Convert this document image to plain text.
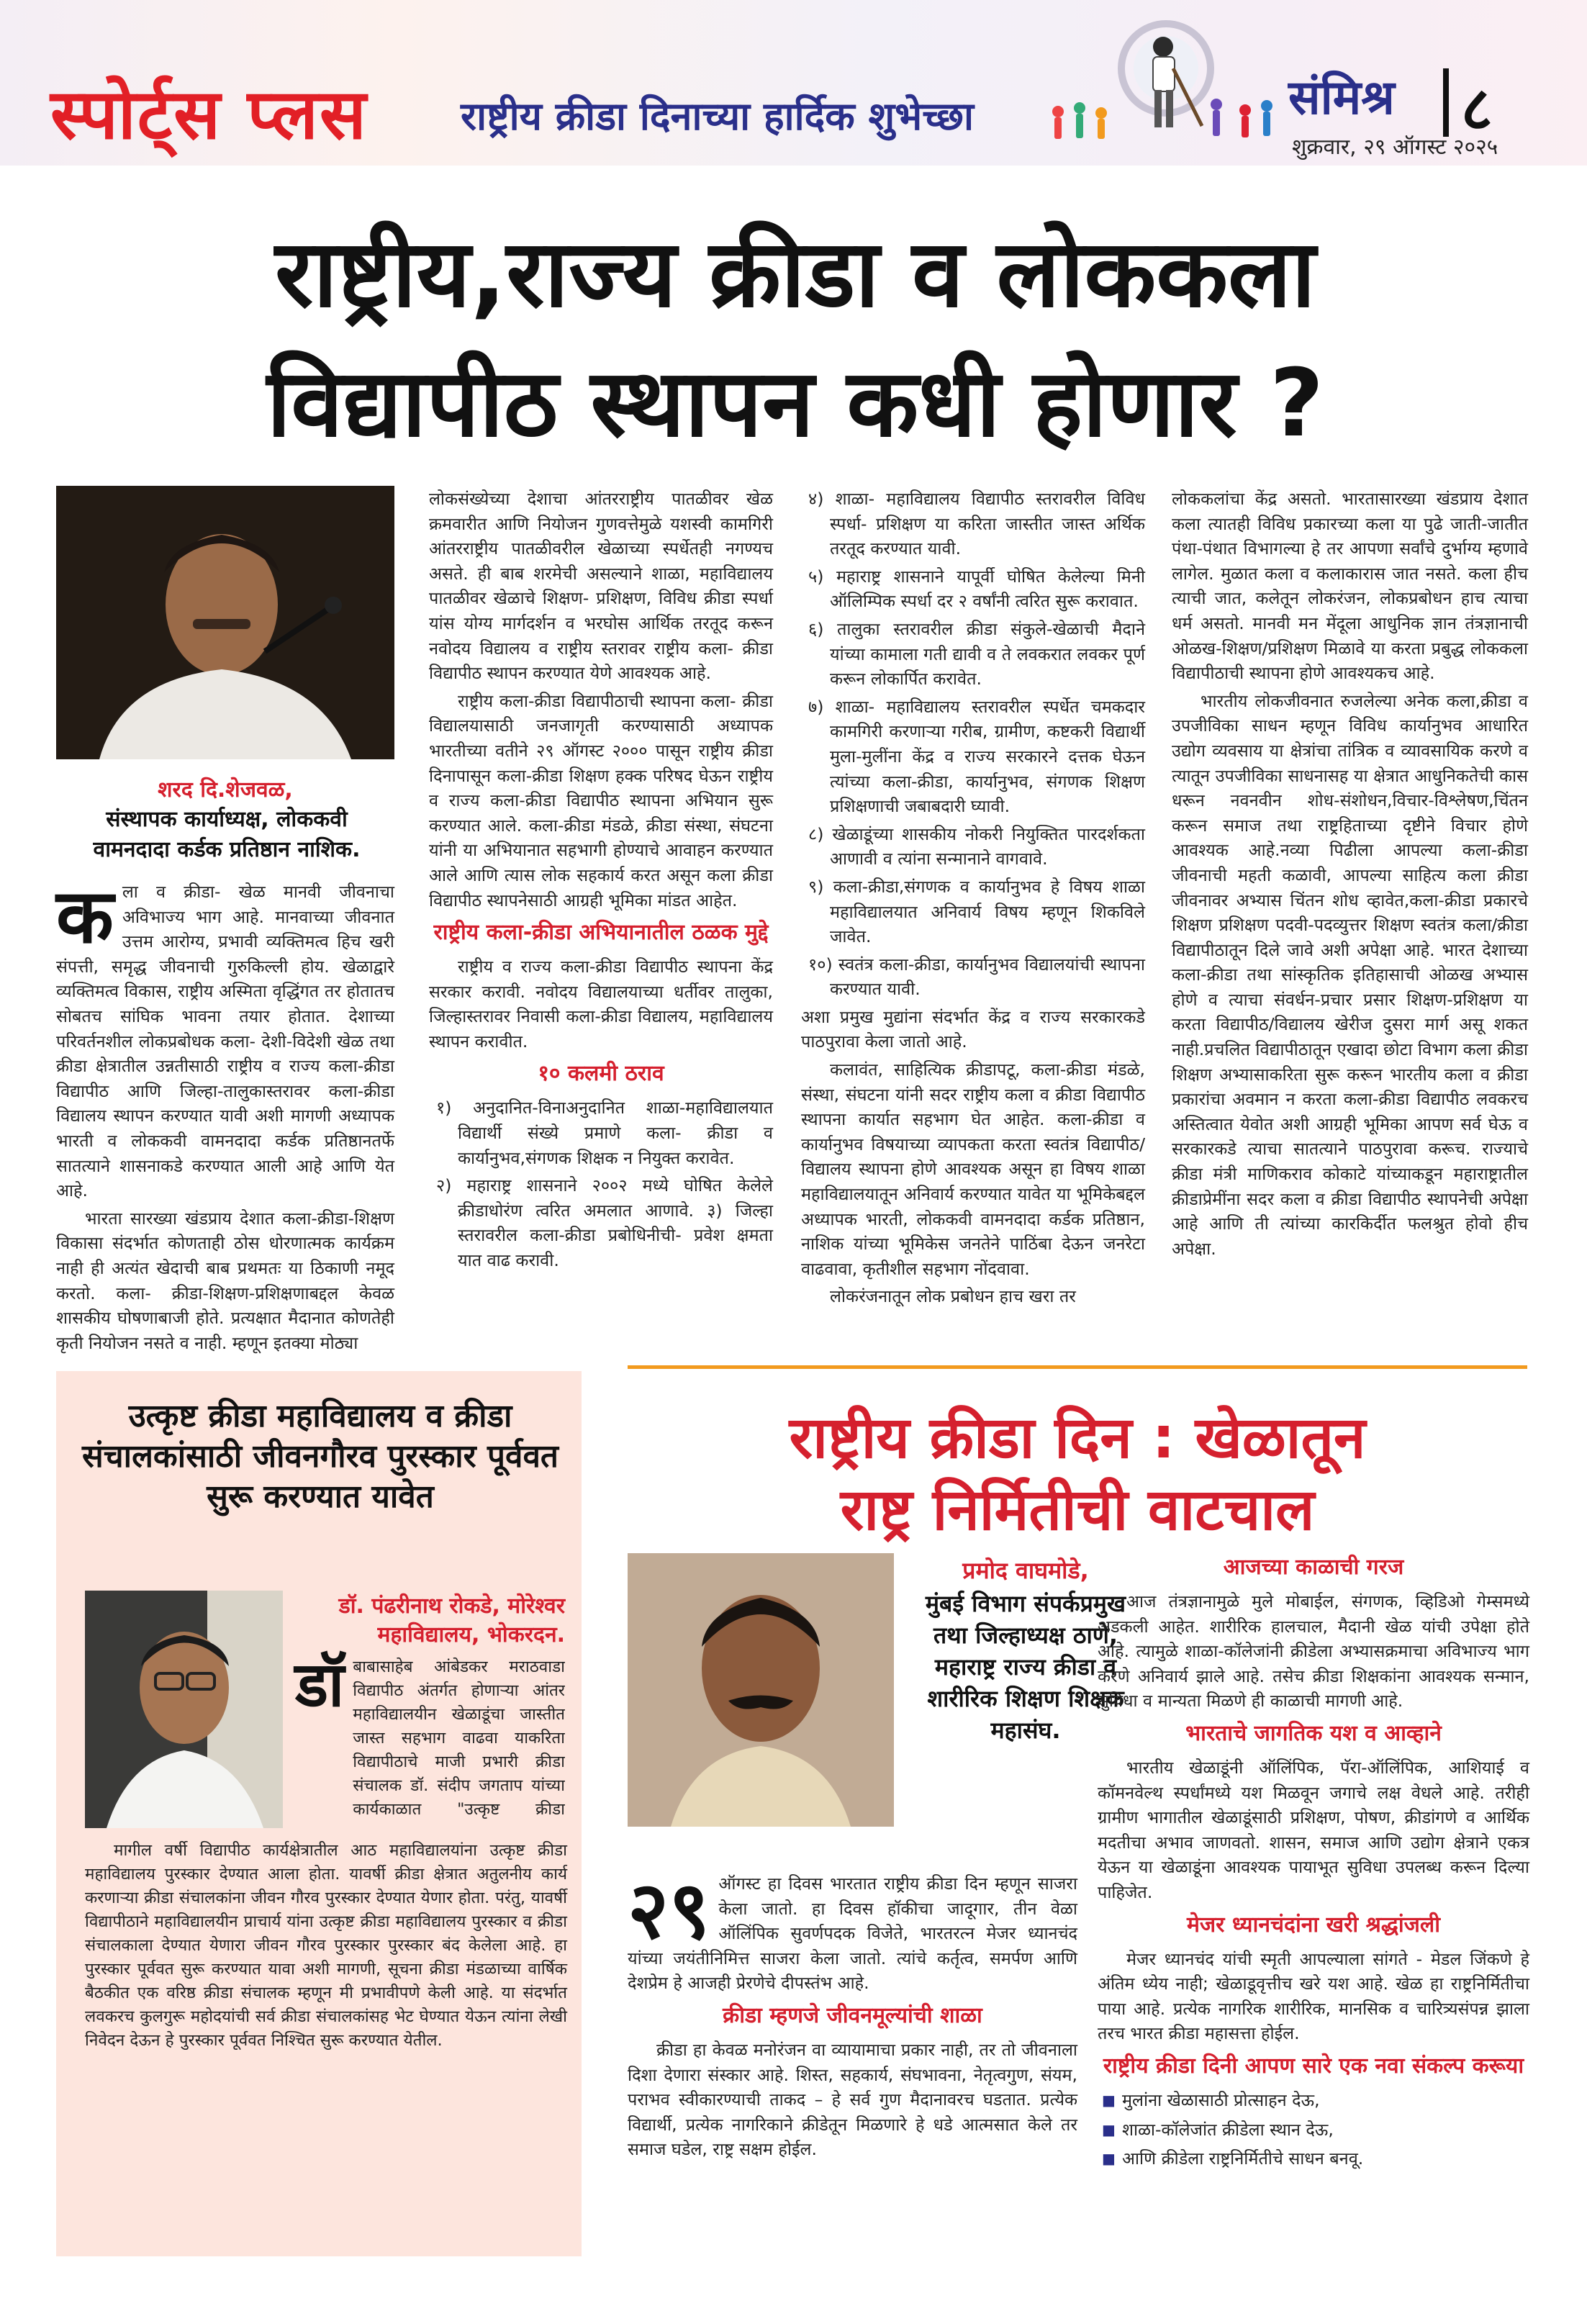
स्पोर्ट्स प्लस राष्ट्रीय क्रीडा दिनाच्या हार्दिक शुभेच्छा	संमिश्र ८
शुक्रवार, २९ ऑगस्ट २०२५
राष्ट्रीय,राज्य क्रीडा व लोककला
विद्यापीठ स्थापन कधी होणार ?
शरद दि.शेजवळ,
संस्थापक कार्याध्यक्ष, लोककवी वामनदादा कर्डक प्रतिष्ठान नाशिक.
क ला व क्रीडा- खेळ मानवी जीवनाचा अविभाज्य भाग आहे. मानवाच्या जीवनात उत्तम आरोग्य, प्रभावी व्यक्तिमत्व हिच खरी संपत्ती, समृद्ध जीवनाची गुरुकिल्ली होय. खेळाद्वारे व्यक्तिमत्व विकास, राष्ट्रीय अस्मिता वृद्धिंगत तर होतातच सोबतच सांघिक भावना तयार होतात. देशाच्या परिवर्तनशील लोकप्रबोधक कला- देशी-विदेशी खेळ तथा क्रीडा क्षेत्रातील उन्नतीसाठी राष्ट्रीय व राज्य कला-क्रीडा विद्यापीठ आणि जिल्हा-तालुकास्तरावर कला-क्रीडा विद्यालय स्थापन करण्यात यावी अशी मागणी अध्यापक भारती व लोककवी वामनदादा कर्डक प्रतिष्ठानतर्फे सातत्याने शासनाकडे करण्यात आली आहे आणि येत आहे.

भारता सारख्या खंडप्राय देशात कला-क्रीडा-शिक्षण विकासा संदर्भात कोणताही ठोस धोरणात्मक कार्यक्रम नाही ही अत्यंत खेदाची बाब प्रथमतः या ठिकाणी नमूद करतो. कला- क्रीडा-शिक्षण-प्रशिक्षणाबद्दल केवळ शासकीय घोषणाबाजी होते. प्रत्यक्षात मैदानात कोणतेही कृती नियोजन नसते व नाही. म्हणून इतक्या मोठ्या

लोकसंख्येच्या देशाचा आंतरराष्ट्रीय पातळीवर खेळ क्रमवारीत आणि नियोजन गुणवत्तेमुळे यशस्वी कामगिरी आंतरराष्ट्रीय पातळीवरील खेळाच्या स्पर्धेतही नगण्यच असते. ही बाब शरमेची असल्याने शाळा, महाविद्यालय पातळीवर खेळाचे शिक्षण- प्रशिक्षण, विविध क्रीडा स्पर्धा यांस योग्य मार्गदर्शन व भरघोस आर्थिक तरतूद करून नवोदय विद्यालय व राष्ट्रीय स्तरावर राष्ट्रीय कला- क्रीडा विद्यापीठ स्थापन करण्यात येणे आवश्यक आहे.

राष्ट्रीय कला-क्रीडा विद्यापीठाची स्थापना कला- क्रीडा विद्यालयासाठी जनजागृती करण्यासाठी अध्यापक भारतीच्या वतीने २९ ऑगस्ट २००० पासून राष्ट्रीय क्रीडा दिनापासून कला-क्रीडा शिक्षण हक्क परिषद घेऊन राष्ट्रीय व राज्य कला-क्रीडा विद्यापीठ स्थापना अभियान सुरू करण्यात आले. कला-क्रीडा मंडळे, क्रीडा संस्था, संघटना यांनी या अभियानात सहभागी होण्याचे आवाहन करण्यात आले आणि त्यास लोक सहकार्य करत असून कला क्रीडा विद्यापीठ स्थापनेसाठी आग्रही भूमिका मांडत आहेत.

राष्ट्रीय कला-क्रीडा अभियानातील ठळक मुद्दे

राष्ट्रीय व राज्य कला-क्रीडा विद्यापीठ स्थापना केंद्र सरकार करावी. नवोदय विद्यालयाच्या धर्तीवर तालुका, जिल्हास्तरावर निवासी कला-क्रीडा विद्यालय, महाविद्यालय स्थापन करावीत.

१० कलमी ठराव
१) अनुदानित-विनाअनुदानित शाळा-महाविद्यालयात विद्यार्थी संख्ये प्रमाणे कला- क्रीडा व कार्यानुभव,संगणक शिक्षक न नियुक्त करावेत.
२) महाराष्ट्र शासनाने २००२ मध्ये घोषित केलेले क्रीडाधोरंण त्वरित अमलात आणावे. ३) जिल्हा स्तरावरील कला-क्रीडा प्रबोधिनीची- प्रवेश क्षमता यात वाढ करावी.
४) शाळा- महाविद्यालय विद्यापीठ स्तरावरील विविध स्पर्धा- प्रशिक्षण या करिता जास्तीत जास्त अर्थिक तरतूद करण्यात यावी.
५) महाराष्ट्र शासनाने यापूर्वी घोषित केलेल्या मिनी ऑलिम्पिक स्पर्धा दर २ वर्षांनी त्वरित सुरू करावात.
६) तालुका स्तरावरील क्रीडा संकुले-खेळाची मैदाने यांच्या कामाला गती द्यावी व ते लवकरात लवकर पूर्ण करून लोकार्पित करावेत.
७) शाळा- महाविद्यालय स्तरावरील स्पर्धेत चमकदार कामगिरी करणाऱ्या गरीब, ग्रामीण, कष्टकरी विद्यार्थी मुला-मुलींना केंद्र व राज्य सरकारने दत्तक घेऊन त्यांच्या कला-क्रीडा, कार्यानुभव, संगणक शिक्षण प्रशिक्षणाची जबाबदारी घ्यावी.
८) खेळाडूंच्या शासकीय नोकरी नियुक्तित पारदर्शकता आणावी व त्यांना सन्मानाने वागवावे.
९) कला-क्रीडा,संगणक व कार्यानुभव हे विषय शाळा महाविद्यालयात अनिवार्य विषय म्हणून शिकविले जावेत.
१०) स्वतंत्र कला-क्रीडा, कार्यानुभव विद्यालयांची स्थापना करण्यात यावी.

अशा प्रमुख मुद्यांना संदर्भात केंद्र व राज्य सरकारकडे पाठपुरावा केला जातो आहे.

कलावंत, साहित्यिक क्रीडापटू, कला-क्रीडा मंडळे, संस्था, संघटना यांनी सदर राष्ट्रीय कला व क्रीडा विद्यापीठ स्थापना कार्यात सहभाग घेत आहेत. कला-क्रीडा व कार्यानुभव विषयाच्या व्यापकता करता स्वतंत्र विद्यापीठ/ विद्यालय स्थापना होणे आवश्यक असून हा विषय शाळा महाविद्यालयातून अनिवार्य करण्यात यावेत या भूमिकेबद्दल अध्यापक भारती, लोककवी वामनदादा कर्डक प्रतिष्ठान, नाशिक यांच्या भूमिकेस जनतेने पाठिंबा देऊन जनरेटा वाढवावा, कृतीशील सहभाग नोंदवावा.

लोकरंजनातून लोक प्रबोधन हाच खरा तर

लोककलांचा केंद्र असतो. भारतासारख्या खंडप्राय देशात कला त्यातही विविध प्रकारच्या कला या पुढे जाती-जातीत पंथा-पंथात विभागल्या हे तर आपणा सर्वांचे दुर्भाग्य म्हणावे लागेल. मुळात कला व कलाकारास जात नसते. कला हीच त्याची जात, कलेतून लोकरंजन, लोकप्रबोधन हाच त्याचा धर्म असतो. मानवी मन मेंदूला आधुनिक ज्ञान तंत्रज्ञानाची ओळख-शिक्षण/प्रशिक्षण मिळावे या करता प्रबुद्ध लोककला विद्यापीठाची स्थापना होणे आवश्यकच आहे.

भारतीय लोकजीवनात रुजलेल्या अनेक कला,क्रीडा व उपजीविका साधन म्हणून विविध कार्यानुभव आधारित उद्योग व्यवसाय या क्षेत्रांचा तांत्रिक व व्यावसायिक करणे व त्यातून उपजीविका साधनासह या क्षेत्रात आधुनिकतेची कास धरून नवनवीन शोध-संशोधन,विचार-विश्लेषण,चिंतन करून समाज तथा राष्ट्रहिताच्या दृष्टीने विचार होणे आवश्यक आहे.नव्या पिढीला आपल्या कला-क्रीडा जीवनाची महती कळावी, आपल्या साहित्य कला क्रीडा जीवनावर अभ्यास चिंतन शोध व्हावेत,कला-क्रीडा प्रकारचे शिक्षण प्रशिक्षण पदवी-पदव्युत्तर शिक्षण स्वतंत्र कला/क्रीडा विद्यापीठातून दिले जावे अशी अपेक्षा आहे. भारत देशाच्या कला-क्रीडा तथा सांस्कृतिक इतिहासाची ओळख अभ्यास होणे व त्याचा संवर्धन-प्रचार प्रसार शिक्षण-प्रशिक्षण या करता विद्यापीठ/विद्यालय खेरीज दुसरा मार्ग असू शकत नाही.प्रचलित विद्यापीठातून एखादा छोटा विभाग कला क्रीडा शिक्षण अभ्यासाकरिता सुरू करून भारतीय कला व क्रीडा प्रकारांचा अवमान न करता कला-क्रीडा विद्यापीठ लवकरच अस्तित्वात येवोत अशी आग्रही भूमिका आपण सर्व घेऊ व सरकारकडे त्याचा सातत्याने पाठपुरावा करूच. राज्याचे क्रीडा मंत्री माणिकराव कोकाटे यांच्याकडून महाराष्ट्रातील क्रीडाप्रेमींना सदर कला व क्रीडा विद्यापीठ स्थापनेची अपेक्षा आहे आणि ती त्यांच्या कारकिर्दीत फलश्रुत होवो हीच अपेक्षा.

उत्कृष्ट क्रीडा महाविद्यालय व क्रीडा संचालकांसाठी जीवनगौरव पुरस्कार पूर्ववत सुरू करण्यात यावेत
डॉ. पंढरीनाथ रोकडे, मोरेश्वर महाविद्यालय, भोकरदन.
डॉ बाबासाहेब आंबेडकर मराठवाडा विद्यापीठ अंतर्गत होणाऱ्या आंतर महाविद्यालयीन खेळाडूंचा जास्तीत जास्त सहभाग वाढवा याकरिता विद्यापीठाचे माजी प्रभारी क्रीडा संचालक डॉ. संदीप जगताप यांच्या कार्यकाळात "उत्कृष्ट क्रीडा

मागील वर्षी विद्यापीठ कार्यक्षेत्रातील आठ महाविद्यालयांना उत्कृष्ट क्रीडा महाविद्यालय पुरस्कार देण्यात आला होता. यावर्षी क्रीडा क्षेत्रात अतुलनीय कार्य करणाऱ्या क्रीडा संचालकांना जीवन गौरव पुरस्कार देण्यात येणार होता. परंतु, यावर्षी विद्यापीठाने महाविद्यालयीन प्राचार्य यांना उत्कृष्ट क्रीडा महाविद्यालय पुरस्कार व क्रीडा संचालकाला देण्यात येणारा जीवन गौरव पुरस्कार पुरस्कार बंद केलेला आहे. हा पुरस्कार पूर्ववत सुरू करण्यात यावा अशी मागणी, सूचना क्रीडा मंडळाच्या वार्षिक बैठकीत एक वरिष्ठ क्रीडा संचालक म्हणून मी प्रभावीपणे केली आहे. या संदर्भात लवकरच कुलगुरू महोदयांची सर्व क्रीडा संचालकांसह भेट घेण्यात येऊन त्यांना लेखी निवेदन देऊन हे पुरस्कार पूर्ववत निश्चित सुरू करण्यात येतील.

राष्ट्रीय क्रीडा दिन : खेळातून
राष्ट्र निर्मितीची वाटचाल
प्रमोद वाघमोडे,
मुंबई विभाग संपर्कप्रमुख तथा जिल्हाध्यक्ष ठाणे, महाराष्ट्र राज्य क्रीडा व शारीरिक शिक्षण शिक्षक महासंघ.
२९ ऑगस्ट हा दिवस भारतात राष्ट्रीय क्रीडा दिन म्हणून साजरा केला जातो. हा दिवस हॉकीचा जादूगार, तीन वेळा ऑलिंपिक सुवर्णपदक विजेते, भारतरत्न मेजर ध्यानचंद यांच्या जयंतीनिमित्त साजरा केला जातो. त्यांचे कर्तृत्व, समर्पण आणि देशप्रेम हे आजही प्रेरणेचे दीपस्तंभ आहे.

क्रीडा म्हणजे जीवनमूल्यांची शाळा

क्रीडा हा केवळ मनोरंजन वा व्यायामाचा प्रकार नाही, तर तो जीवनाला दिशा देणारा संस्कार आहे. शिस्त, सहकार्य, संघभावना, नेतृत्वगुण, संयम, पराभव स्वीकारण्याची ताकद – हे सर्व गुण मैदानावरच घडतात. प्रत्येक विद्यार्थी, प्रत्येक नागरिकाने क्रीडेतून मिळणारे हे धडे आत्मसात केले तर समाज घडेल, राष्ट्र सक्षम होईल.

आजच्या काळाची गरज

आज तंत्रज्ञानामुळे मुले मोबाईल, संगणक, व्हिडिओ गेम्समध्ये अडकली आहेत. शारीरिक हालचाल, मैदानी खेळ यांची उपेक्षा होते आहे. त्यामुळे शाळा-कॉलेजांनी क्रीडेला अभ्यासक्रमाचा अविभाज्य भाग करणे अनिवार्य झाले आहे. तसेच क्रीडा शिक्षकांना आवश्यक सन्मान, सुविधा व मान्यता मिळणे ही काळाची मागणी आहे.

भारताचे जागतिक यश व आव्हाने

भारतीय खेळाडूंनी ऑलिंपिक, पॅरा-ऑलिंपिक, आशियाई व कॉमनवेल्थ स्पर्धांमध्ये यश मिळवून जगाचे लक्ष वेधले आहे. तरीही ग्रामीण भागातील खेळाडूंसाठी प्रशिक्षण, पोषण, क्रीडांगणे व आर्थिक मदतीचा अभाव जाणवतो. शासन, समाज आणि उद्योग क्षेत्राने एकत्र येऊन या खेळाडूंना आवश्यक पायाभूत सुविधा उपलब्ध करून दिल्या पाहिजेत.

मेजर ध्यानचंदांना खरी श्रद्धांजली

मेजर ध्यानचंद यांची स्मृती आपल्याला सांगते - मेडल जिंकणे हे अंतिम ध्येय नाही; खेळाडूवृत्तीच खरे यश आहे. खेळ हा राष्ट्रनिर्मितीचा पाया आहे. प्रत्येक नागरिक शारीरिक, मानसिक व चारित्र्यसंपन्न झाला तरच भारत क्रीडा महासत्ता होईल.

राष्ट्रीय क्रीडा दिनी आपण सारे एक नवा संकल्प करूया
■ मुलांना खेळासाठी प्रोत्साहन देऊ,
■ शाळा-कॉलेजांत क्रीडेला स्थान देऊ,
■ आणि क्रीडेला राष्ट्रनिर्मितीचे साधन बनवू.
